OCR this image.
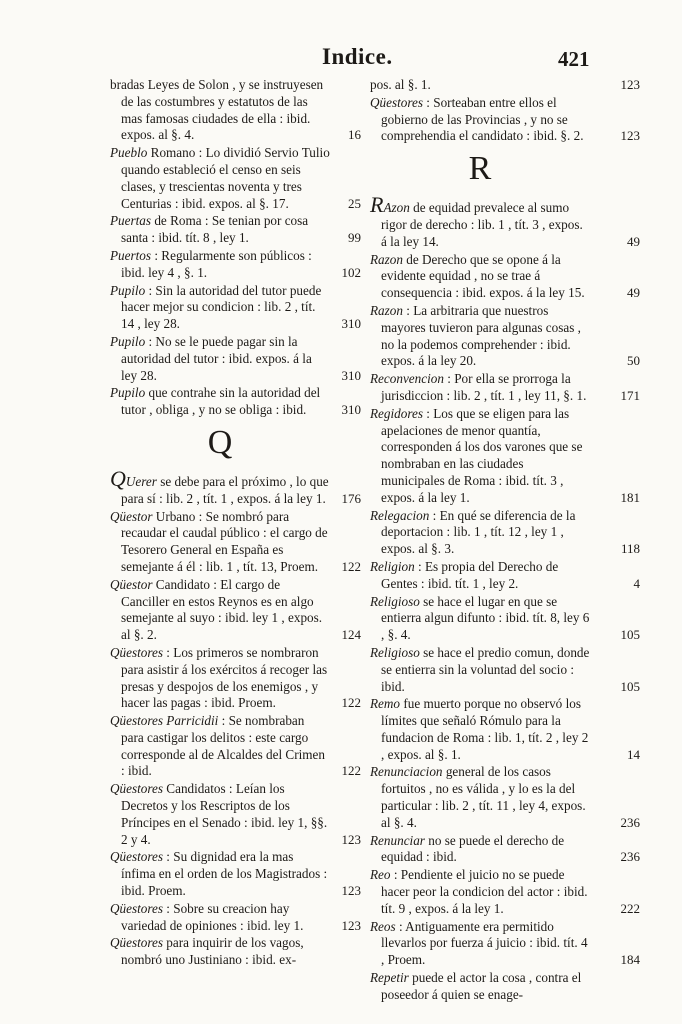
Indice.	421
bradas Leyes de Solon , y se instruyesen de las costumbres y estatutos de las mas famosas ciudades de ella : ibid. expos. al §. 4.	16
Pueblo Romano : Lo dividió Servio Tulio quando estableció el censo en seis clases, y trescientas noventa y tres Centurias : ibid. expos. al §. 17.	25
Puertas de Roma : Se tenian por cosa santa : ibid. tít. 8 , ley 1.	99
Puertos : Regularmente son públicos : ibid. ley 4 , §. 1.	102
Pupilo : Sin la autoridad del tutor puede hacer mejor su condicion : lib. 2 , tít. 14 , ley 28.	310
Pupilo : No se le puede pagar sin la autoridad del tutor : ibid. expos. á la ley 28.	310
Pupilo que contrahe sin la autoridad del tutor , obliga , y no se obliga : ibid.	310
Q
QUerer se debe para el próximo , lo que para sí : lib. 2 , tít. 1 , expos. á la ley 1. 176
Qüestor Urbano : Se nombró para recaudar el caudal público : el cargo de Tesorero General en España es semejante á él : lib. 1 , tít. 13, Proem. 122
Qüestor Candidato : El cargo de Canciller en estos Reynos es en algo semejante al suyo : ibid. ley 1 , expos. al §. 2.	124
Qüestores : Los primeros se nombraron para asistir á los exércitos á recoger las presas y despojos de los enemigos , y hacer las pagas : ibid. Proem.	122
Qüestores Parricidii : Se nombraban para castigar los delitos : este cargo corresponde al de Alcaldes del Crimen : ibid.	122
Qüestores Candidatos : Leían los Decretos y los Rescriptos de los Príncipes en el Senado : ibid. ley 1, §§. 2 y 4.	123
Qüestores : Su dignidad era la mas ínfima en el orden de los Magistrados : ibid. Proem.	123
Qüestores : Sobre su creacion hay variedad de opiniones : ibid. ley 1.	123
Qüestores para inquirir de los vagos, nombró uno Justiniano : ibid. ex-
pos. al §. 1.	123
Qüestores : Sorteaban entre ellos el gobierno de las Provincias , y no se comprehendia el candidato : ibid. §. 2.	123
R
RAzon de equidad prevalece al sumo rigor de derecho : lib. 1 , tít. 3 , expos. á la ley 14.	49
Razon de Derecho que se opone á la evidente equidad , no se trae á consequencia : ibid. expos. á la ley 15.	49
Razon : La arbitraria que nuestros mayores tuvieron para algunas cosas , no la podemos comprehender : ibid. expos. á la ley 20.	50
Reconvencion : Por ella se prorroga la jurisdiccion : lib. 2 , tít. 1 , ley 11, §. 1.	171
Regidores : Los que se eligen para las apelaciones de menor quantía, corresponden á los dos varones que se nombraban en las ciudades municipales de Roma : ibid. tít. 3 , expos. á la ley 1.	181
Relegacion : En qué se diferencia de la deportacion : lib. 1 , tít. 12 , ley 1 , expos. al §. 3.	118
Religion : Es propia del Derecho de Gentes : ibid. tít. 1 , ley 2.	4
Religioso se hace el lugar en que se entierra algun difunto : ibid. tít. 8, ley 6 , §. 4.	105
Religioso se hace el predio comun, donde se entierra sin la voluntad del socio : ibid.	105
Remo fue muerto porque no observó los límites que señaló Rómulo para la fundacion de Roma : lib. 1, tít. 2 , ley 2 , expos. al §. 1.	14
Renunciacion general de los casos fortuitos , no es válida , y lo es la del particular : lib. 2 , tít. 11 , ley 4, expos. al §. 4.	236
Renunciar no se puede el derecho de equidad : ibid.	236
Reo : Pendiente el juicio no se puede hacer peor la condicion del actor : ibid. tít. 9 , expos. á la ley 1.	222
Reos : Antiguamente era permitido llevarlos por fuerza á juicio : ibid. tít. 4 , Proem.	184
Repetir puede el actor la cosa , contra el poseedor á quien se enage-
